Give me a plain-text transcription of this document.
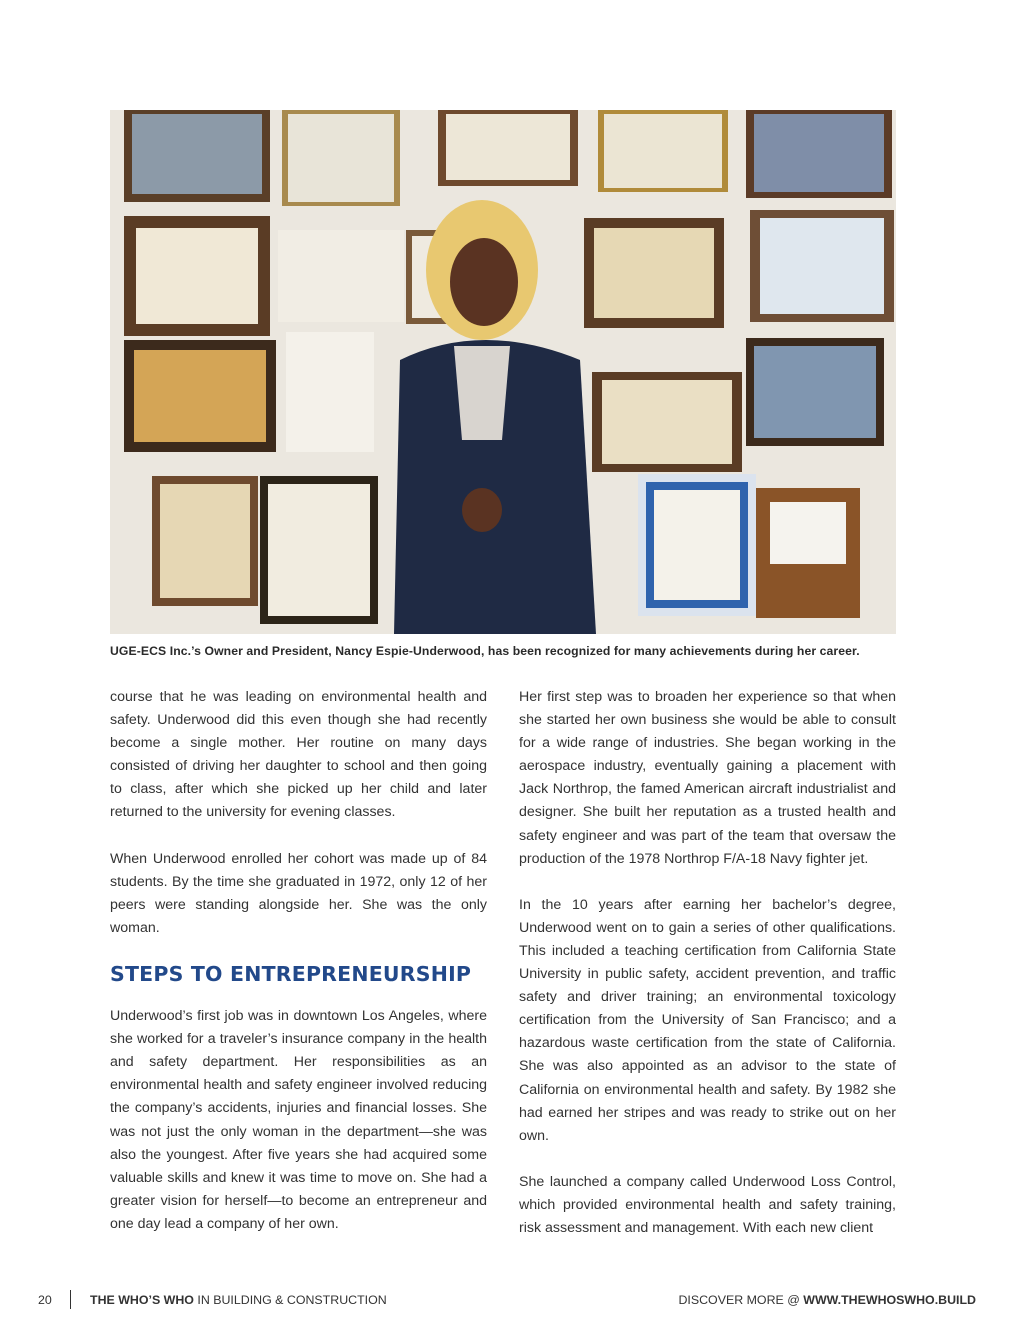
UGE-ECS Inc.’s Owner and President, Nancy Espie-Underwood, has been recognized for many achievements during her career.

course that he was leading on environmental health and safety. Underwood did this even though she had recently become a single mother. Her routine on many days consisted of driving her daughter to school and then going to class, after which she picked up her child and later returned to the university for evening classes.

When Underwood enrolled her cohort was made up of 84 students. By the time she graduated in 1972, only 12 of her peers were standing alongside her. She was the only woman.

STEPS TO ENTREPRENEURSHIP

Underwood’s first job was in downtown Los Angeles, where she worked for a traveler’s insurance company in the health and safety department. Her responsibilities as an environmental health and safety engineer involved reducing the company’s accidents, injuries and financial losses. She was not just the only woman in the department—she was also the youngest. After five years she had acquired some valuable skills and knew it was time to move on. She had a greater vision for herself—to become an entrepreneur and one day lead a company of her own.

Her first step was to broaden her experience so that when she started her own business she would be able to consult for a wide range of industries. She began working in the aerospace industry, eventually gaining a placement with Jack Northrop, the famed American aircraft industrialist and designer. She built her reputation as a trusted health and safety engineer and was part of the team that oversaw the production of the 1978 Northrop F/A-18 Navy fighter jet.

In the 10 years after earning her bachelor’s degree, Underwood went on to gain a series of other qualifications. This included a teaching certification from California State University in public safety, accident prevention, and traffic safety and driver training; an environmental toxicology certification from the University of San Francisco; and a hazardous waste certification from the state of California. She was also appointed as an advisor to the state of California on environmental health and safety. By 1982 she had earned her stripes and was ready to strike out on her own.

She launched a company called Underwood Loss Control, which provided environmental health and safety training, risk assessment and management. With each new client

20	THE WHO’S WHO IN BUILDING & CONSTRUCTION	DISCOVER MORE @ WWW.THEWHOSWHO.BUILD
